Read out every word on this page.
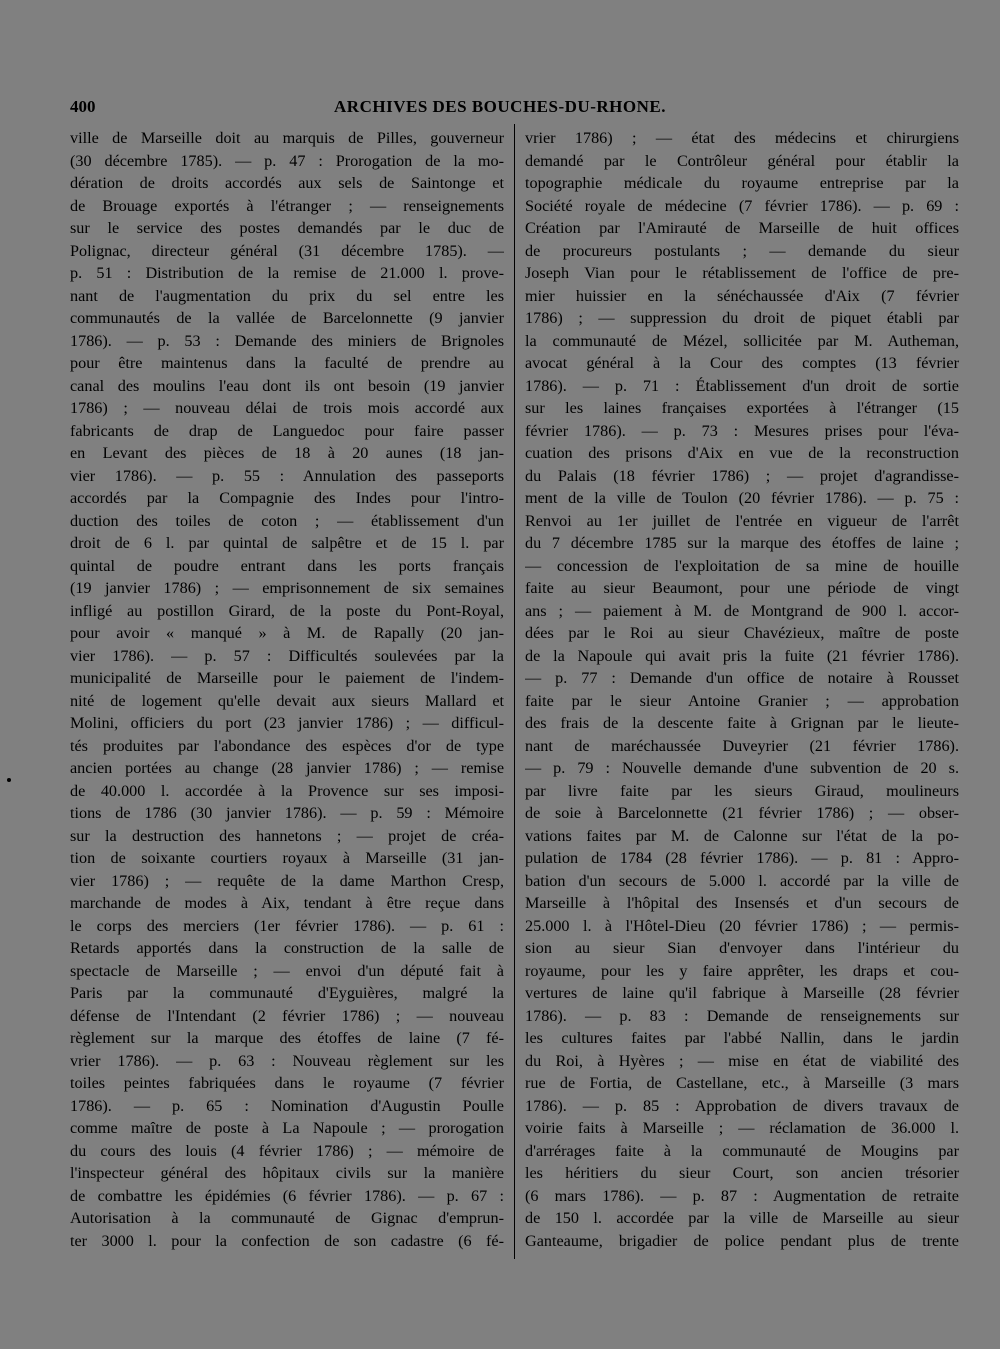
400	ARCHIVES DES BOUCHES-DU-RHONE.
ville de Marseille doit au marquis de Pilles, gouverneur
(30 décembre 1785). — p. 47 : Prorogation de la mo-
dération de droits accordés aux sels de Saintonge et
de Brouage exportés à l'étranger ; — renseignements
sur le service des postes demandés par le duc de
Polignac, directeur général (31 décembre 1785). —
p. 51 : Distribution de la remise de 21.000 l. prove-
nant de l'augmentation du prix du sel entre les
communautés de la vallée de Barcelonnette (9 janvier
1786). — p. 53 : Demande des miniers de Brignoles
pour être maintenus dans la faculté de prendre au
canal des moulins l'eau dont ils ont besoin (19 janvier
1786) ; — nouveau délai de trois mois accordé aux
fabricants de drap de Languedoc pour faire passer
en Levant des pièces de 18 à 20 aunes (18 jan-
vier 1786). — p. 55 : Annulation des passeports
accordés par la Compagnie des Indes pour l'intro-
duction des toiles de coton ; — établissement d'un
droit de 6 l. par quintal de salpêtre et de 15 l. par
quintal de poudre entrant dans les ports français
(19 janvier 1786) ; — emprisonnement de six semaines
infligé au postillon Girard, de la poste du Pont-Royal,
pour avoir « manqué » à M. de Rapally (20 jan-
vier 1786). — p. 57 : Difficultés soulevées par la
municipalité de Marseille pour le paiement de l'indem-
nité de logement qu'elle devait aux sieurs Mallard et
Molini, officiers du port (23 janvier 1786) ; — difficul-
tés produites par l'abondance des espèces d'or de type
ancien portées au change (28 janvier 1786) ; — remise
de 40.000 l. accordée à la Provence sur ses imposi-
tions de 1786 (30 janvier 1786). — p. 59 : Mémoire
sur la destruction des hannetons ; — projet de créa-
tion de soixante courtiers royaux à Marseille (31 jan-
vier 1786) ; — requête de la dame Marthon Cresp,
marchande de modes à Aix, tendant à être reçue dans
le corps des merciers (1er février 1786). — p. 61 :
Retards apportés dans la construction de la salle de
spectacle de Marseille ; — envoi d'un député fait à
Paris par la communauté d'Eyguières, malgré la
défense de l'Intendant (2 février 1786) ; — nouveau
règlement sur la marque des étoffes de laine (7 fé-
vrier 1786). — p. 63 : Nouveau règlement sur les
toiles peintes fabriquées dans le royaume (7 février
1786). — p. 65 : Nomination d'Augustin Poulle
comme maître de poste à La Napoule ; — prorogation
du cours des louis (4 février 1786) ; — mémoire de
l'inspecteur général des hôpitaux civils sur la manière
de combattre les épidémies (6 février 1786). — p. 67 :
Autorisation à la communauté de Gignac d'emprun-
ter 3000 l. pour la confection de son cadastre (6 fé-
vrier 1786) ; — état des médecins et chirurgiens
demandé par le Contrôleur général pour établir la
topographie médicale du royaume entreprise par la
Société royale de médecine (7 février 1786). — p. 69 :
Création par l'Amirauté de Marseille de huit offices
de procureurs postulants ; — demande du sieur
Joseph Vian pour le rétablissement de l'office de pre-
mier huissier en la sénéchaussée d'Aix (7 février
1786) ; — suppression du droit de piquet établi par
la communauté de Mézel, sollicitée par M. Autheman,
avocat général à la Cour des comptes (13 février
1786). — p. 71 : Établissement d'un droit de sortie
sur les laines françaises exportées à l'étranger (15
février 1786). — p. 73 : Mesures prises pour l'éva-
cuation des prisons d'Aix en vue de la reconstruction
du Palais (18 février 1786) ; — projet d'agrandisse-
ment de la ville de Toulon (20 février 1786). — p. 75 :
Renvoi au 1er juillet de l'entrée en vigueur de l'arrêt
du 7 décembre 1785 sur la marque des étoffes de laine ;
— concession de l'exploitation de sa mine de houille
faite au sieur Beaumont, pour une période de vingt
ans ; — paiement à M. de Montgrand de 900 l. accor-
dées par le Roi au sieur Chavézieux, maître de poste
de la Napoule qui avait pris la fuite (21 février 1786).
— p. 77 : Demande d'un office de notaire à Rousset
faite par le sieur Antoine Granier ; — approbation
des frais de la descente faite à Grignan par le lieute-
nant de maréchaussée Duveyrier (21 février 1786).
— p. 79 : Nouvelle demande d'une subvention de 20 s.
par livre faite par les sieurs Giraud, moulineurs
de soie à Barcelonnette (21 février 1786) ; — obser-
vations faites par M. de Calonne sur l'état de la po-
pulation de 1784 (28 février 1786). — p. 81 : Appro-
bation d'un secours de 5.000 l. accordé par la ville de
Marseille à l'hôpital des Insensés et d'un secours de
25.000 l. à l'Hôtel-Dieu (20 février 1786) ; — permis-
sion au sieur Sian d'envoyer dans l'intérieur du
royaume, pour les y faire apprêter, les draps et cou-
vertures de laine qu'il fabrique à Marseille (28 février
1786). — p. 83 : Demande de renseignements sur
les cultures faites par l'abbé Nallin, dans le jardin
du Roi, à Hyères ; — mise en état de viabilité des
rue de Fortia, de Castellane, etc., à Marseille (3 mars
1786). — p. 85 : Approbation de divers travaux de
voirie faits à Marseille ; — réclamation de 36.000 l.
d'arrérages faite à la communauté de Mougins par
les héritiers du sieur Court, son ancien trésorier
(6 mars 1786). — p. 87 : Augmentation de retraite
de 150 l. accordée par la ville de Marseille au sieur
Ganteaume, brigadier de police pendant plus de trente
